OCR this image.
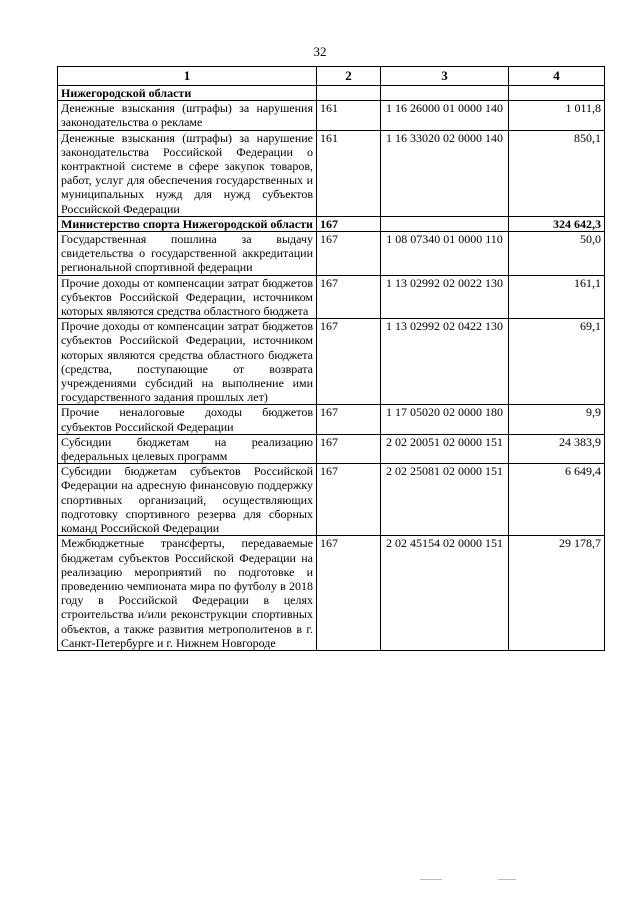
32
1	2	3	4
Нижегородской области			
Денежные взыскания (штрафы) за нарушения законодательства о рекламе	161	1 16 26000 01 0000 140	1 011,8
Денежные взыскания (штрафы) за нарушение законодательства Российской Федерации о контрактной системе в сфере закупок товаров, работ, услуг для обеспечения государственных и муниципальных нужд для нужд субъектов Российской Федерации	161	1 16 33020 02 0000 140	850,1
Министерство спорта Нижегородской области	167		324 642,3
Государственная пошлина за выдачу свидетельства о государственной аккредитации региональной спортивной федерации	167	1 08 07340 01 0000 110	50,0
Прочие доходы от компенсации затрат бюджетов субъектов Российской Федерации, источником которых являются средства областного бюджета	167	1 13 02992 02 0022 130	161,1
Прочие доходы от компенсации затрат бюджетов субъектов Российской Федерации, источником которых являются средства областного бюджета (средства, поступающие от возврата учреждениями субсидий на выполнение ими государственного задания прошлых лет)	167	1 13 02992 02 0422 130	69,1
Прочие неналоговые доходы бюджетов субъектов Российской Федерации	167	1 17 05020 02 0000 180	9,9
Субсидии бюджетам на реализацию федеральных целевых программ	167	2 02 20051 02 0000 151	24 383,9
Субсидии бюджетам субъектов Российской Федерации на адресную финансовую поддержку спортивных организаций, осуществляющих подготовку спортивного резерва для сборных команд Российской Федерации	167	2 02 25081 02 0000 151	6 649,4
Межбюджетные трансферты, передаваемые бюджетам субъектов Российской Федерации на реализацию мероприятий по подготовке и проведению чемпионата мира по футболу в 2018 году в Российской Федерации в целях строительства и/или реконструкции спортивных объектов, а также развития метрополитенов в г. Санкт-Петербурге и г. Нижнем Новгороде	167	2 02 45154 02 0000 151	29 178,7
